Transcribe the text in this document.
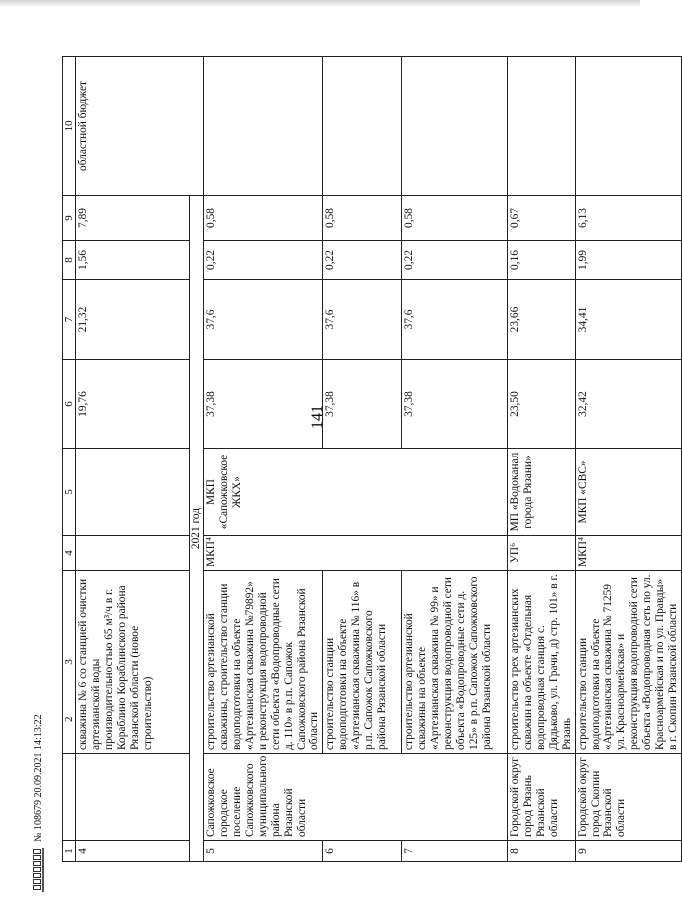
141
1	2	3	4	5	6	7	8	9	10
4		скважина № 6 со станцией очистки артезианской воды производительностью 65 м³/ч в г. Кораблино Кораблинского района Рязанской области (новое строительство)			19,76	21,32	1,56	7,89	областной бюджет
2021 год									
5	Сапожковское городское поселение Сапожковского муниципального района Рязанской области	строительство артезианской скважины, строительство станции водоподготовки на объекте «Артезианская скважина №79892» и реконструкция водопроводной сети объекта «Водопроводные сети д. 110» в р.п. Сапожок Сапожковского района Рязанской области	МКП⁴	МКП «Сапожковское ЖКХ»	37,38	37,6	0,22	0,58	
6		строительство станции водоподготовки на объекте «Артезианская скважина № 116» в р.п. Сапожок Сапожковского района Рязанской области			37,38	37,6	0,22	0,58	
7		строительство артезианской скважины на объекте «Артезианская скважина № 99» и реконструкция водопроводной сети объекта «Водопроводные сети д. 125» в р.п. Сапожок Сапожковского района Рязанской области			37,38	37,6	0,22	0,58	
8	Городской округ город Рязань Рязанской области	строительство трех артезианских скважин на объекте «Отдельная водопроводная станция с. Дядьково, ул. Грачи, д) стр. 101» в г. Рязань	УП⁶	МП «Водоканал города Рязани»	23,50	23,66	0,16	0,67	
9	Городской округ город Скопин Рязанской области	строительство станции водоподготовки на объекте «Артезианская скважина № 71259 ул. Красноармейская» и реконструкция водопроводной сети объекта «Водопроводная сеть по ул. Красноармейская и по ул. Правды» в г. Скопин Рязанской области	МКП⁴	МКП «СВС»	32,42	34,41	1,99	6,13	
№ 108679 20.09.2021 14:13:22
